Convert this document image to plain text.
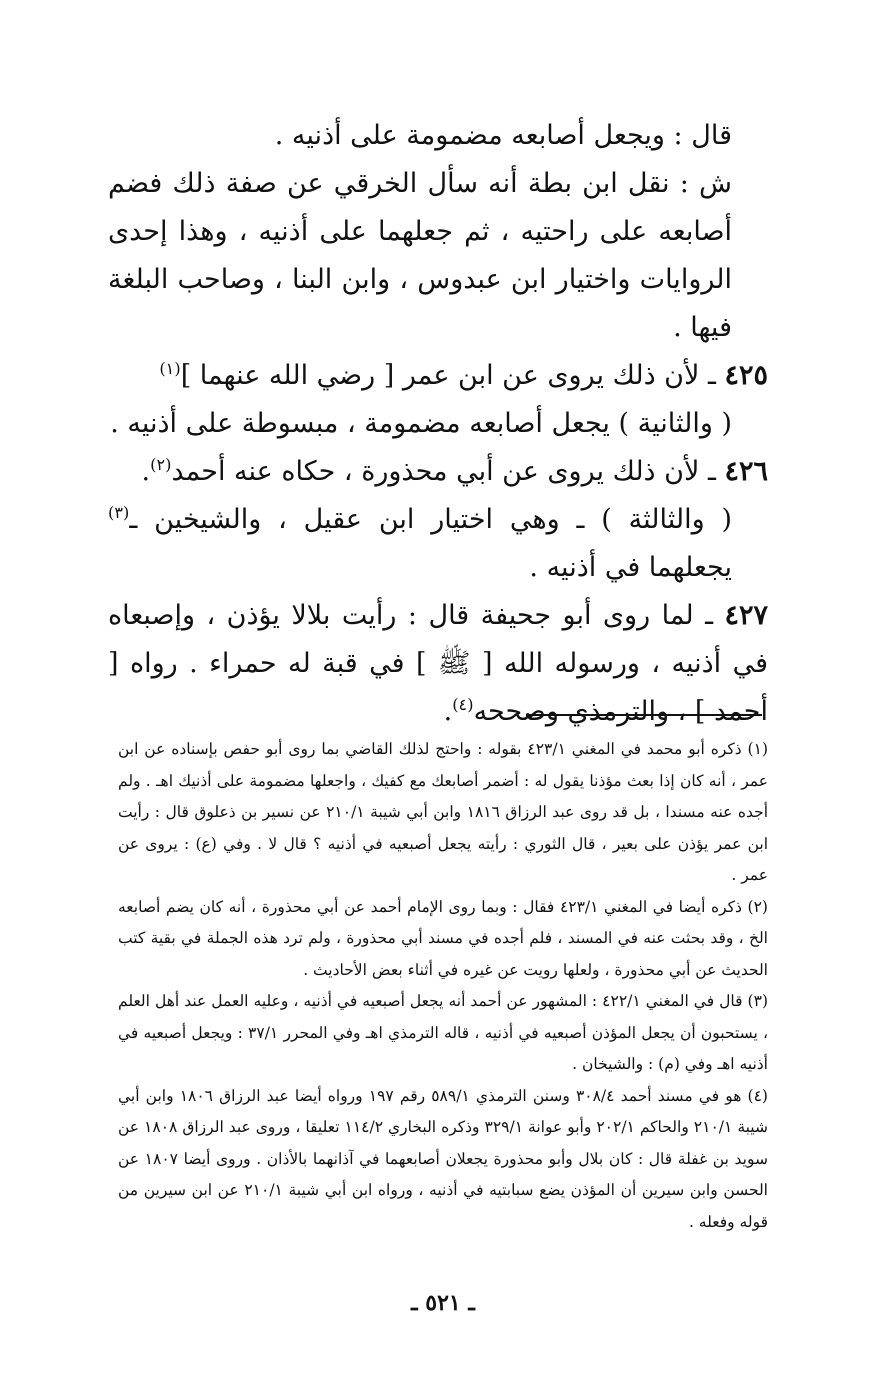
قال : ويجعل أصابعه مضمومة على أذنيه .

ش : نقل ابن بطة أنه سأل الخرقي عن صفة ذلك فضم أصابعه على راحتيه ، ثم جعلهما على أذنيه ، وهذا إحدى الروايات واختيار ابن عبدوس ، وابن البنا ، وصاحب البلغة فيها .

٤٢٥ ـ لأن ذلك يروى عن ابن عمر [ رضي الله عنهما ]$^{(١)}$

( والثانية ) يجعل أصابعه مضمومة ، مبسوطة على أذنيه .

٤٢٦ ـ لأن ذلك يروى عن أبي محذورة ، حكاه عنه أحمد$^{(٢)}$.

( والثالثة ) ـ وهي اختيار ابن عقيل ، والشيخين ـ$^{(٣)}$ يجعلهما في أذنيه .

٤٢٧ ـ لما روى أبو جحيفة قال : رأيت بلالا يؤذن ، وإصبعاه في أذنيه ، ورسوله الله [ ﷺ ] في قبة له حمراء . رواه [ أحمد ] ، والترمذي وصححه$^{(٤)}$.

(١) ذكره أبو محمد في المغني ٤٢٣/١ بقوله : واحتج لذلك القاضي بما روى أبو حفص بإسناده عن ابن عمر ، أنه كان إذا بعث مؤذنا يقول له : أضمر أصابعك مع كفيك ، واجعلها مضمومة على أذنيك اهـ . ولم أجده عنه مسندا ، بل قد روى عبد الرزاق ١٨١٦ وابن أبي شيبة ٢١٠/١ عن نسير بن ذعلوق قال : رأيت ابن عمر يؤذن على بعير ، قال الثوري : رأيته يجعل أصبعيه في أذنيه ؟ قال لا . وفي (ع) : يروى عن عمر .

(٢) ذكره أيضا في المغني ٤٢٣/١ فقال : وبما روى الإمام أحمد عن أبي محذورة ، أنه كان يضم أصابعه الخ ، وقد بحثت عنه في المسند ، فلم أجده في مسند أبي محذورة ، ولم ترد هذه الجملة في بقية كتب الحديث عن أبي محذورة ، ولعلها رويت عن غيره في أثناء بعض الأحاديث .

(٣) قال في المغني ٤٢٢/١ : المشهور عن أحمد أنه يجعل أصبعيه في أذنيه ، وعليه العمل عند أهل العلم ، يستحبون أن يجعل المؤذن أصبعيه في أذنيه ، قاله الترمذي اهـ وفي المحرر ٣٧/١ : ويجعل أصبعيه في أذنيه اهـ وفي (م) : والشيخان .

(٤) هو في مسند أحمد ٣٠٨/٤ وسنن الترمذي ٥٨٩/١ رقم ١٩٧ ورواه أيضا عبد الرزاق ١٨٠٦ وابن أبي شيبة ٢١٠/١ والحاكم ٢٠٢/١ وأبو عوانة ٣٢٩/١ وذكره البخاري ١١٤/٢ تعليقا ، وروى عبد الرزاق ١٨٠٨ عن سويد بن غفلة قال : كان بلال وأبو محذورة يجعلان أصابعهما في آذانهما بالأذان . وروى أيضا ١٨٠٧ عن الحسن وابن سيرين أن المؤذن يضع سبابتيه في أذنيه ، ورواه ابن أبي شيبة ٢١٠/١ عن ابن سيرين من قوله وفعله .

ـ ٥٢١ ـ
